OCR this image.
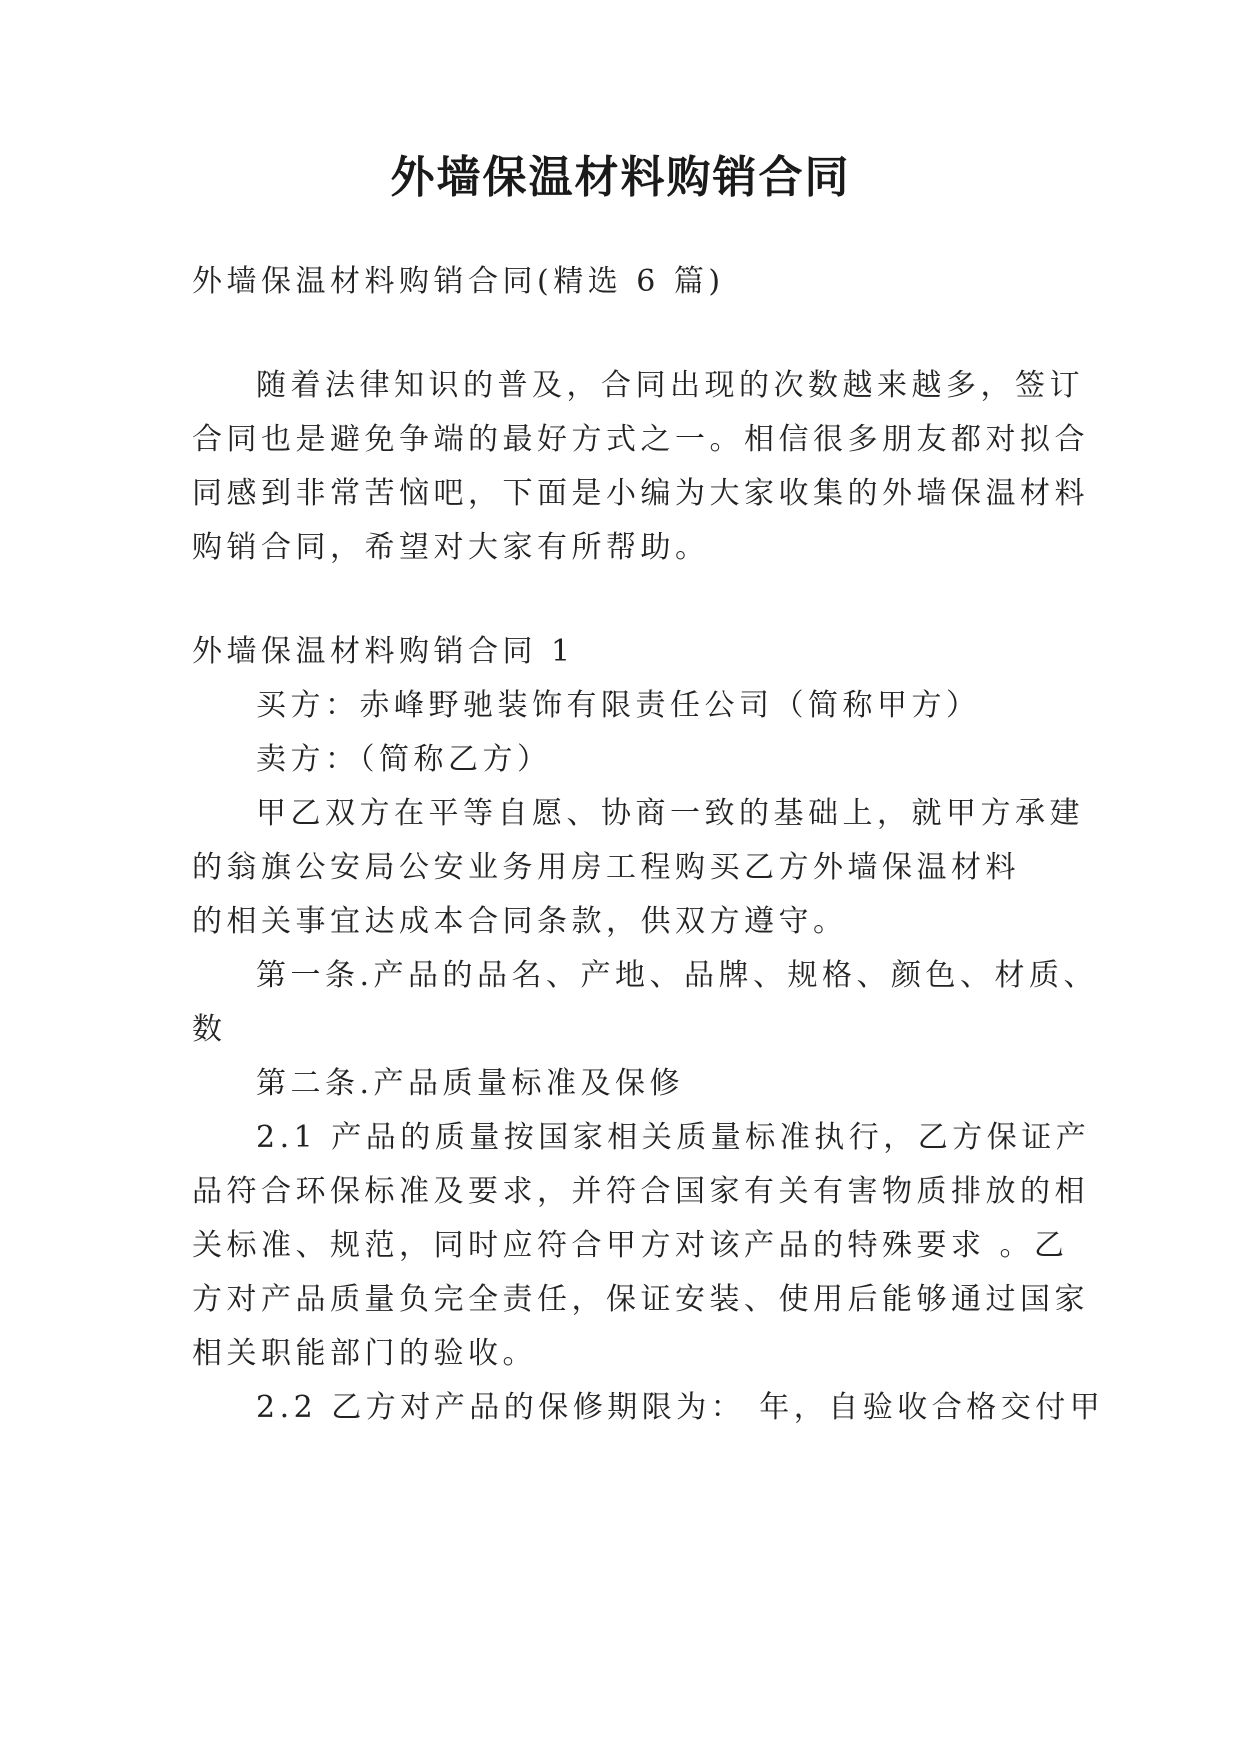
外墙保温材料购销合同
外墙保温材料购销合同(精选 6 篇)
随着法律知识的普及，合同出现的次数越来越多，签订
合同也是避免争端的最好方式之一。相信很多朋友都对拟合
同感到非常苦恼吧，下面是小编为大家收集的外墙保温材料
购销合同，希望对大家有所帮助。
外墙保温材料购销合同 1
买方：赤峰野驰装饰有限责任公司（简称甲方）
卖方：（简称乙方）
甲乙双方在平等自愿、协商一致的基础上，就甲方承建
的翁旗公安局公安业务用房工程购买乙方外墙保温材料
的相关事宜达成本合同条款，供双方遵守。
第一条.产品的品名、产地、品牌、规格、颜色、材质、
数
第二条.产品质量标准及保修
2.1 产品的质量按国家相关质量标准执行，乙方保证产
品符合环保标准及要求，并符合国家有关有害物质排放的相
关标准、规范，同时应符合甲方对该产品的特殊要求 。乙
方对产品质量负完全责任，保证安装、使用后能够通过国家
相关职能部门的验收。
2.2 乙方对产品的保修期限为： 年，自验收合格交付甲
